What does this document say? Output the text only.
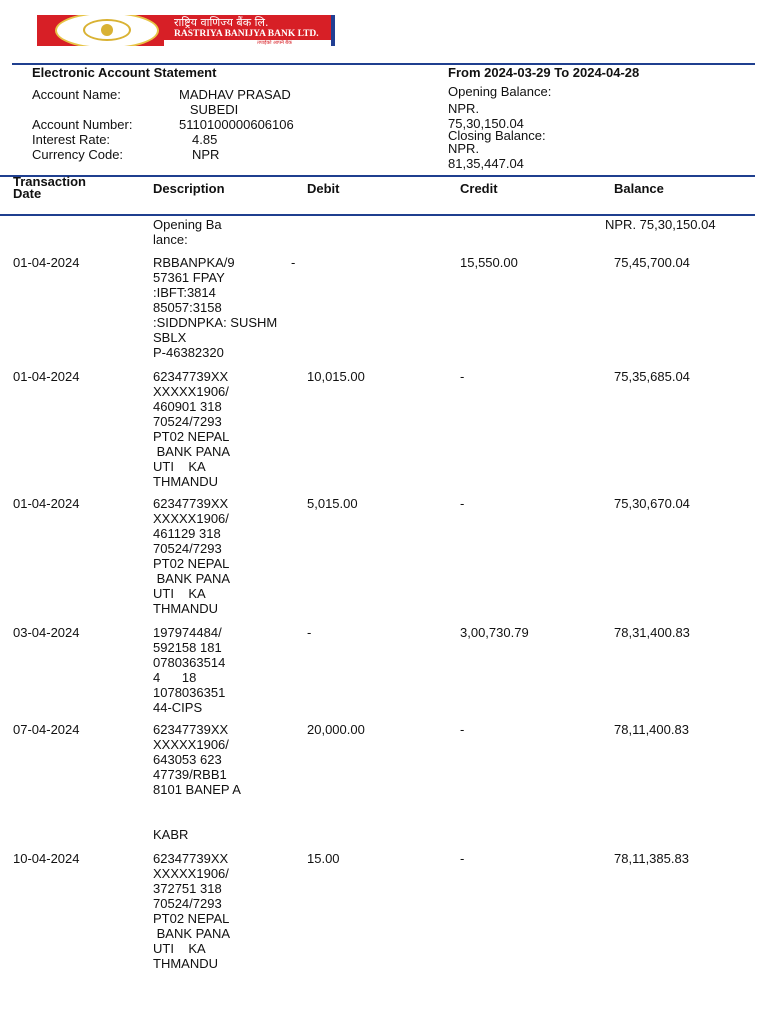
राष्ट्रिय वाणिज्य बैंक लि.
RASTRIYA BANIJYA BANK LTD.
तपाईंको आफ्नै बैंक
Electronic Account Statement	From 2024-03-29 To 2024-04-28
Account Name:	MADHAV PRASAD
SUBEDI
Account Number:	5110100000606106
Interest Rate:	4.85
Currency Code:	NPR
Opening Balance:
NPR.
75,30,150.04
Closing Balance:
NPR.
81,35,447.04
Transaction
Date	Description	Debit	Credit	Balance
Opening Ba
lance:
NPR. 75,30,150.04
01-04-2024	RBBANPKA/9
57361 FPAY
:IBFT:3814
85057:3158
:SIDDNPKA: SUSHM
SBLX
P-46382320
-	15,550.00	75,45,700.04
01-04-2024	62347739XX
XXXXX1906/
460901 318
70524/7293
PT02 NEPAL
BANK PANA
UTI    KA
THMANDU
10,015.00	-	75,35,685.04
01-04-2024	62347739XX
XXXXX1906/
461129 318
70524/7293
PT02 NEPAL
BANK PANA
UTI    KA
THMANDU
5,015.00	-	75,30,670.04
03-04-2024	197974484/
592158 181
0780363514
4      18
1078036351
44-CIPS
-	3,00,730.79	78,31,400.83
07-04-2024	62347739XX
XXXXX1906/
643053 623
47739/RBB1
8101 BANEP A

KABR
20,000.00	-	78,11,400.83
10-04-2024	62347739XX
XXXXX1906/
372751 318
70524/7293
PT02 NEPAL
BANK PANA
UTI    KA
THMANDU
15.00	-	78,11,385.83
